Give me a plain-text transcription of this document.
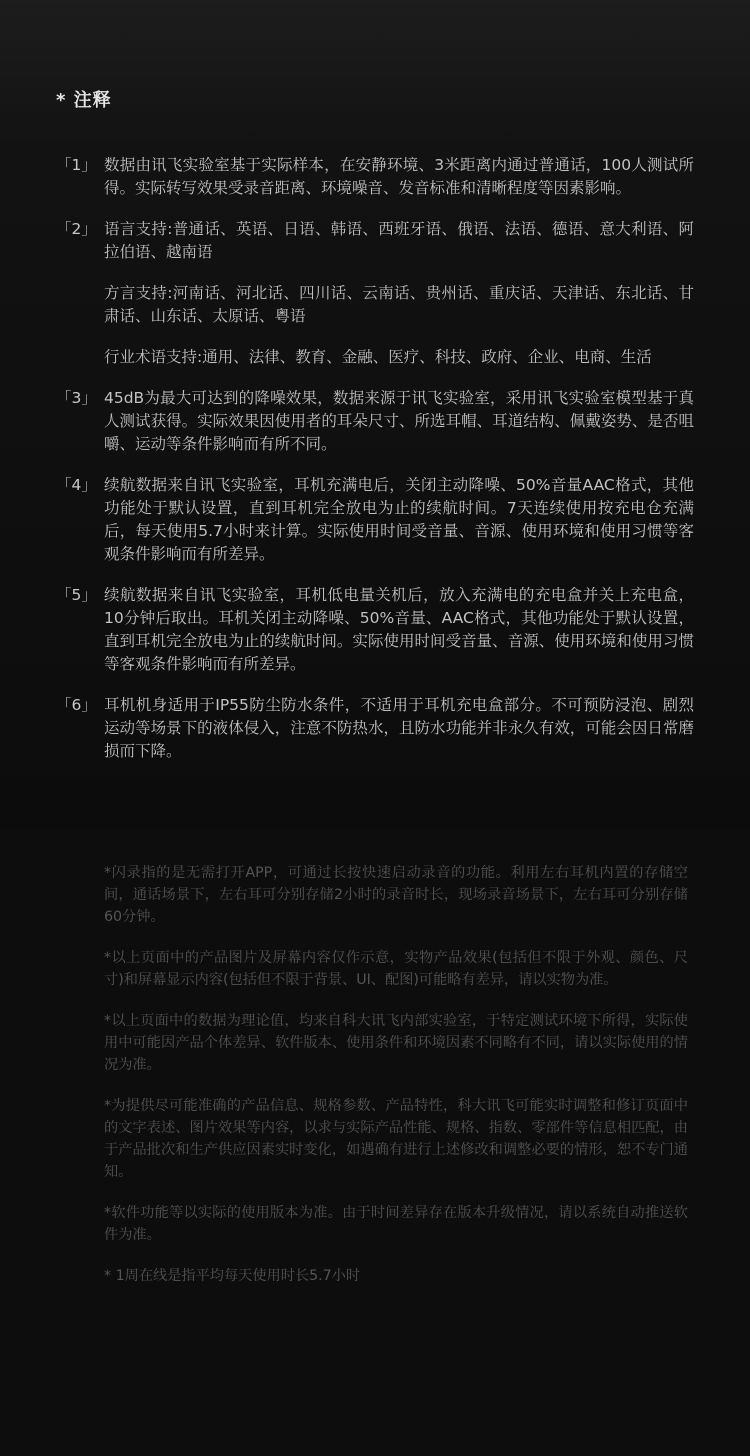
* 注释
「1」 数据由讯飞实验室基于实际样本，在安静环境、3米距离内通过普通话，100人测试所得。实际转写效果受录音距离、环境噪音、发音标准和清晰程度等因素影响。

「2」 语言支持:普通话、英语、日语、韩语、西班牙语、俄语、法语、德语、意大利语、阿拉伯语、越南语

方言支持:河南话、河北话、四川话、云南话、贵州话、重庆话、天津话、东北话、甘肃话、山东话、太原话、粤语

行业术语支持:通用、法律、教育、金融、医疗、科技、政府、企业、电商、生活

「3」 45dB为最大可达到的降噪效果，数据来源于讯飞实验室，采用讯飞实验室模型基于真人测试获得。实际效果因使用者的耳朵尺寸、所选耳帽、耳道结构、佩戴姿势、是否咀嚼、运动等条件影响而有所不同。

「4」 续航数据来自讯飞实验室，耳机充满电后，关闭主动降噪、50%音量AAC格式，其他功能处于默认设置，直到耳机完全放电为止的续航时间。7天连续使用按充电仓充满后，每天使用5.7小时来计算。实际使用时间受音量、音源、使用环境和使用习惯等客观条件影响而有所差异。

「5」 续航数据来自讯飞实验室，耳机低电量关机后，放入充满电的充电盒并关上充电盒，10分钟后取出。耳机关闭主动降噪、50%音量、AAC格式，其他功能处于默认设置，直到耳机完全放电为止的续航时间。实际使用时间受音量、音源、使用环境和使用习惯等客观条件影响而有所差异。

「6」 耳机机身适用于IP55防尘防水条件，不适用于耳机充电盒部分。不可预防浸泡、剧烈运动等场景下的液体侵入，注意不防热水，且防水功能并非永久有效，可能会因日常磨损而下降。

*闪录指的是无需打开APP，可通过长按快速启动录音的功能。利用左右耳机内置的存储空间，通话场景下，左右耳可分别存储2小时的录音时长，现场录音场景下，左右耳可分别存储60分钟。

*以上页面中的产品图片及屏幕内容仅作示意，实物产品效果(包括但不限于外观、颜色、尺寸)和屏幕显示内容(包括但不限于背景、UI、配图)可能略有差异，请以实物为准。

*以上页面中的数据为理论值，均来自科大讯飞内部实验室，于特定测试环境下所得，实际使用中可能因产品个体差异、软件版本、使用条件和环境因素不同略有不同，请以实际使用的情况为准。

*为提供尽可能准确的产品信息、规格参数、产品特性，科大讯飞可能实时调整和修订页面中的文字表述、图片效果等内容，以求与实际产品性能、规格、指数、零部件等信息相匹配，由于产品批次和生产供应因素实时变化，如遇确有进行上述修改和调整必要的情形，恕不专门通知。

*软件功能等以实际的使用版本为准。由于时间差异存在版本升级情况，请以系统自动推送软件为准。

* 1周在线是指平均每天使用时长5.7小时
